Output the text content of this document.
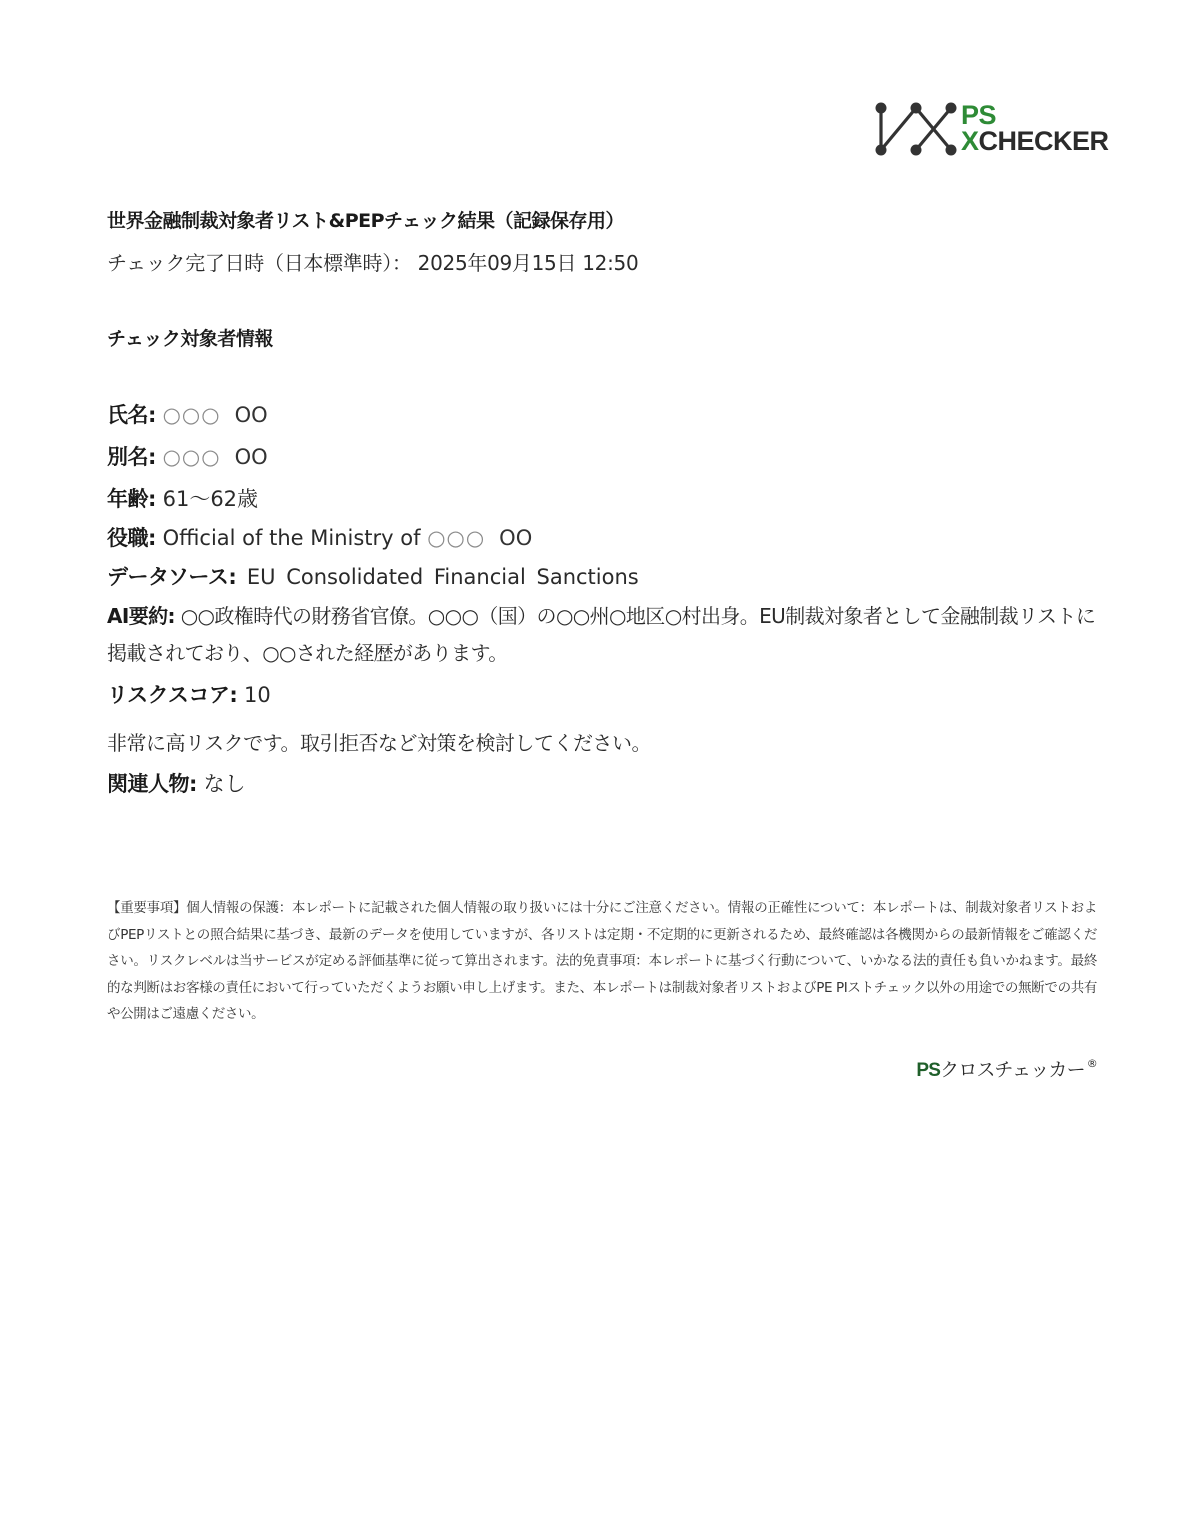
PS
XCHECKER
世界金融制裁対象者リスト&PEPチェック結果（記録保存用）
チェック完了日時（日本標準時）： 2025年09月15日 12:50
チェック対象者情報
氏名: ○○○ OO
別名: ○○○ OO
年齢: 61～62歳
役職: Official of the Ministry of ○○○ OO
データソース: EU Consolidated Financial Sanctions
AI要約: ○○政権時代の財務省官僚。○○○（国）の○○州○地区○村出身。EU制裁対象者として金融制裁リストに掲載されており、○○された経歴があります。
リスクスコア: 10
非常に高リスクです。取引拒否など対策を検討してください。
関連人物: なし
【重要事項】個人情報の保護：本レポートに記載された個人情報の取り扱いには十分にご注意ください。情報の正確性について：本レポートは、制裁対象者リストおよびPEPリストとの照合結果に基づき、最新のデータを使用していますが、各リストは定期・不定期的に更新されるため、最終確認は各機関からの最新情報をご確認ください。リスクレベルは当サービスが定める評価基準に従って算出されます。法的免責事項：本レポートに基づく行動について、いかなる法的責任も負いかねます。最終的な判断はお客様の責任において行っていただくようお願い申し上げます。また、本レポートは制裁対象者リストおよびPE PIストチェック以外の用途での無断での共有や公開はご遠慮ください。
PSクロスチェッカー ®
